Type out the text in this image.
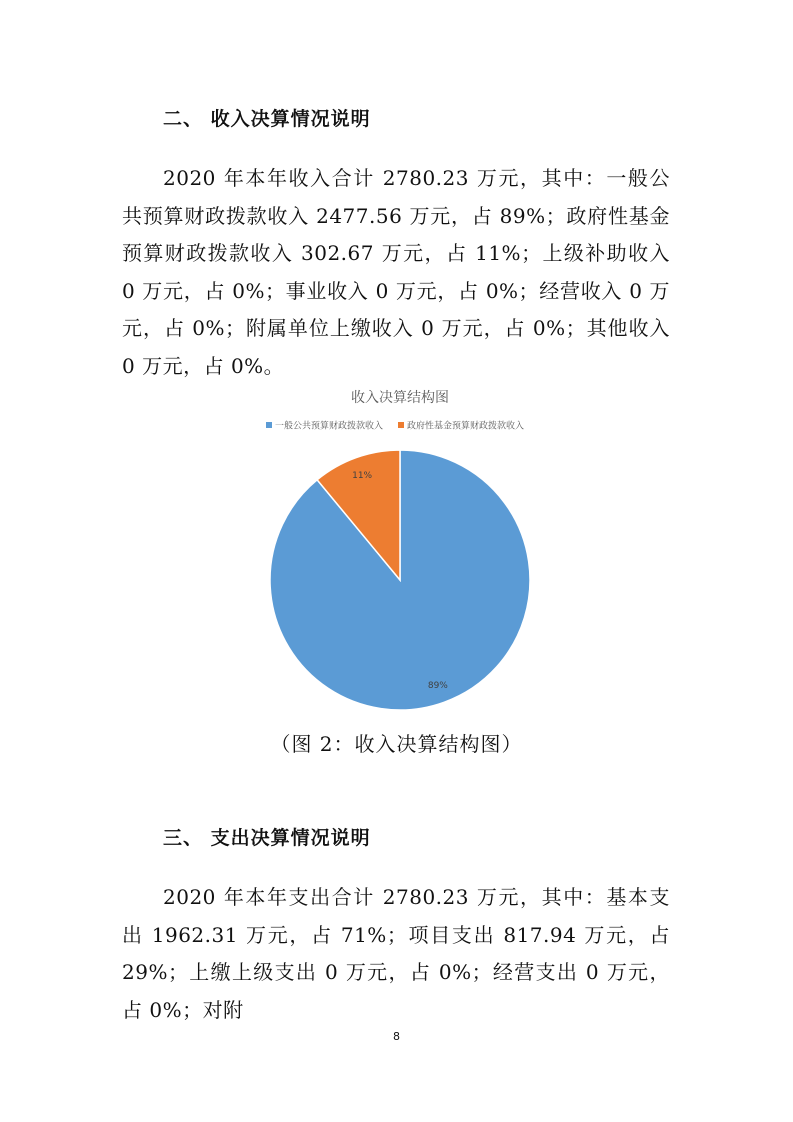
二、 收入决算情况说明

2020 年本年收入合计 2780.23 万元，其中：一般公共预算财政拨款收入 2477.56 万元，占 89%；政府性基金预算财政拨款收入 302.67 万元，占 11%；上级补助收入 0 万元，占 0%；事业收入 0 万元，占 0%；经营收入 0 万元，占 0%；附属单位上缴收入 0 万元，占 0%；其他收入 0 万元，占 0%。

收入决算结构图
一般公共预算财政拨款收入	政府性基金预算财政拨款收入
89%
11%

（图 2：收入决算结构图）

三、 支出决算情况说明

2020 年本年支出合计 2780.23 万元，其中：基本支出 1962.31 万元，占 71%；项目支出 817.94 万元，占 29%；上缴上级支出 0 万元，占 0%；经营支出 0 万元，占 0%；对附

8
